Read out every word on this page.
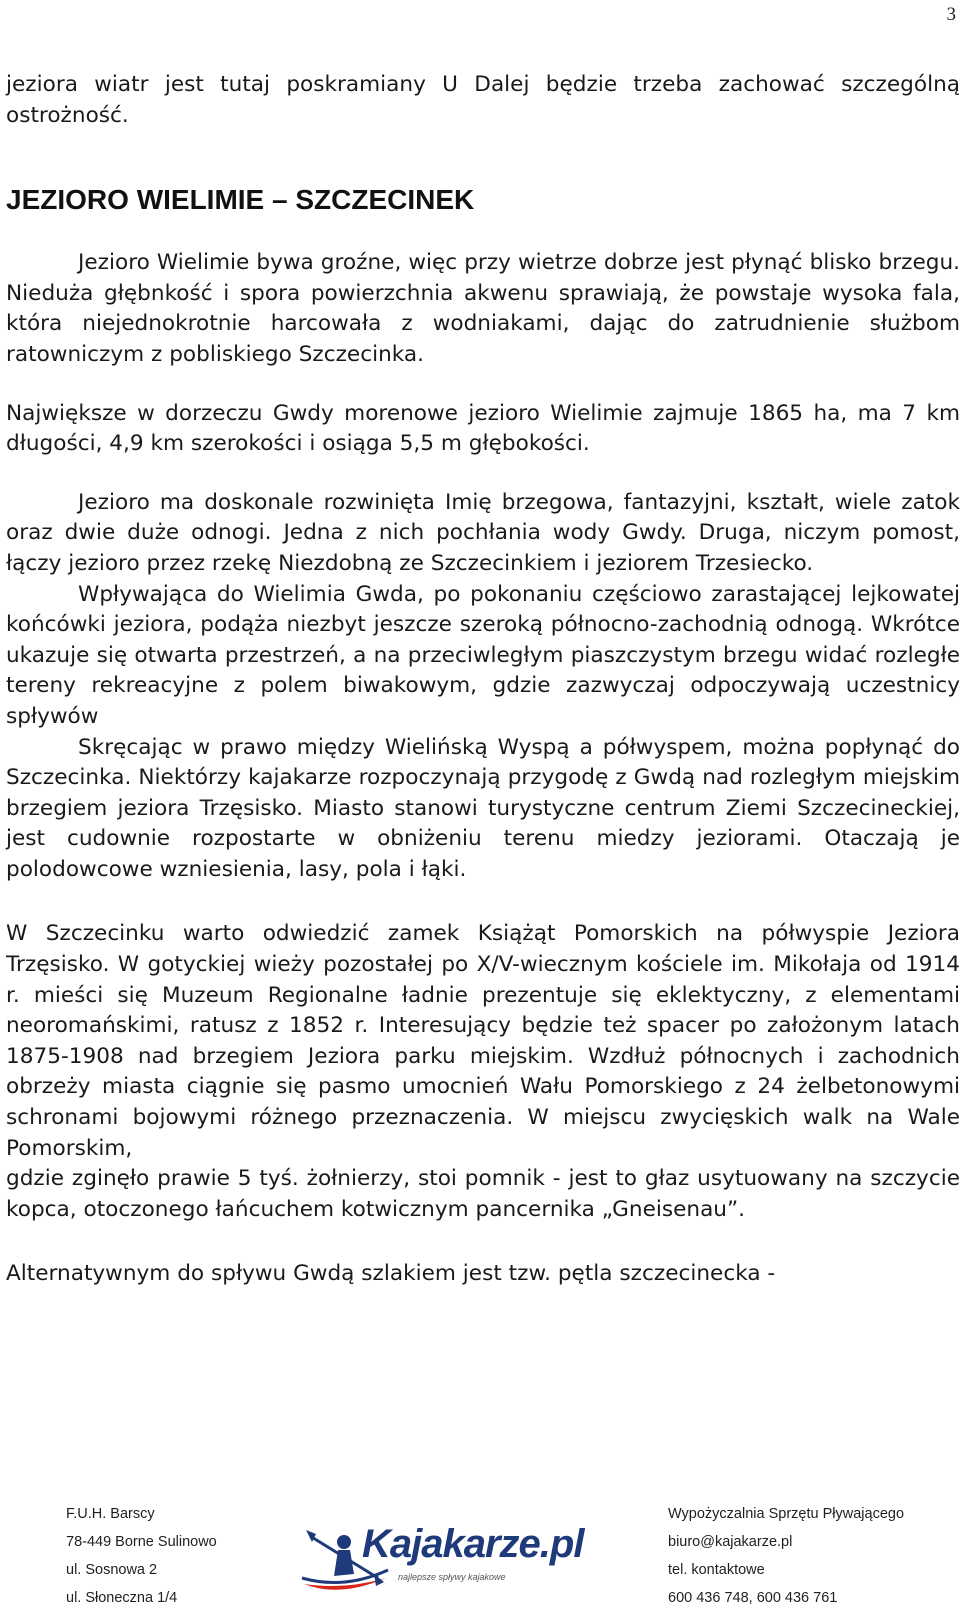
3

jeziora wiatr jest tutaj poskramiany U Dalej będzie trzeba zachować szczególną ostrożność.

JEZIORO WIELIMIE – SZCZECINEK

Jezioro Wielimie bywa groźne, więc przy wietrze dobrze jest płynąć blisko brzegu. Nieduża głębnkość i spora powierzchnia akwenu sprawiają, że powstaje wysoka fala, która niejednokrotnie harcowała z wodniakami, dając do zatrudnienie służbom ratowniczym z pobliskiego Szczecinka.

Największe w dorzeczu Gwdy morenowe jezioro Wielimie zajmuje 1865 ha, ma 7 km długości, 4,9 km szerokości i osiąga 5,5 m głębokości.

Jezioro ma doskonale rozwinięta Imię brzegowa, fantazyjni, kształt, wiele zatok oraz dwie duże odnogi. Jedna z nich pochłania wody Gwdy. Druga, niczym pomost, łączy jezioro przez rzekę Niezdobną ze Szczecinkiem i jeziorem Trzesiecko.

Wpływająca do Wielimia Gwda, po pokonaniu częściowo zarastającej lejkowatej końcówki jeziora, podąża niezbyt jeszcze szeroką północno-zachodnią odnogą. Wkrótce ukazuje się otwarta przestrzeń, a na przeciwległym piaszczystym brzegu widać rozległe tereny rekreacyjne z polem biwakowym, gdzie zazwyczaj odpoczywają uczestnicy spływów

Skręcając w prawo między Wielińską Wyspą a półwyspem, można popłynąć do Szczecinka. Niektórzy kajakarze rozpoczynają przygodę z Gwdą nad rozległym miejskim brzegiem jeziora Trzęsisko. Miasto stanowi turystyczne centrum Ziemi Szczecineckiej, jest cudownie rozpostarte w obniżeniu terenu miedzy jeziorami. Otaczają je polodowcowe wzniesienia, lasy, pola i łąki.

W Szczecinku warto odwiedzić zamek Książąt Pomorskich na półwyspie Jeziora Trzęsisko. W gotyckiej wieży pozostałej po X/V-wiecznym kościele im. Mikołaja od 1914 r. mieści się Muzeum Regionalne ładnie prezentuje się eklektyczny, z elementami neoromańskimi, ratusz z 1852 r. Interesujący będzie też spacer po założonym latach 1875-1908 nad brzegiem Jeziora parku miejskim. Wzdłuż północnych i zachodnich obrzeży miasta ciągnie się pasmo umocnień Wału Pomorskiego z 24 żelbetonowymi schronami bojowymi różnego przeznaczenia. W miejscu zwycięskich walk na Wale Pomorskim,

gdzie zginęło prawie 5 tyś. żołnierzy, stoi pomnik - jest to głaz usytuowany na szczycie kopca, otoczonego łańcuchem kotwicznym pancernika „Gneisenau”.

Alternatywnym do spływu Gwdą szlakiem jest tzw. pętla szczecinecka -

F.U.H. Barscy
78-449 Borne Sulinowo
ul. Sosnowa 2
ul. Słoneczna 1/4
Kajakarze.pl
najlepsze spływy kajakowe
Wypożyczalnia Sprzętu Pływającego
biuro@kajakarze.pl
tel. kontaktowe
600 436 748, 600 436 761
